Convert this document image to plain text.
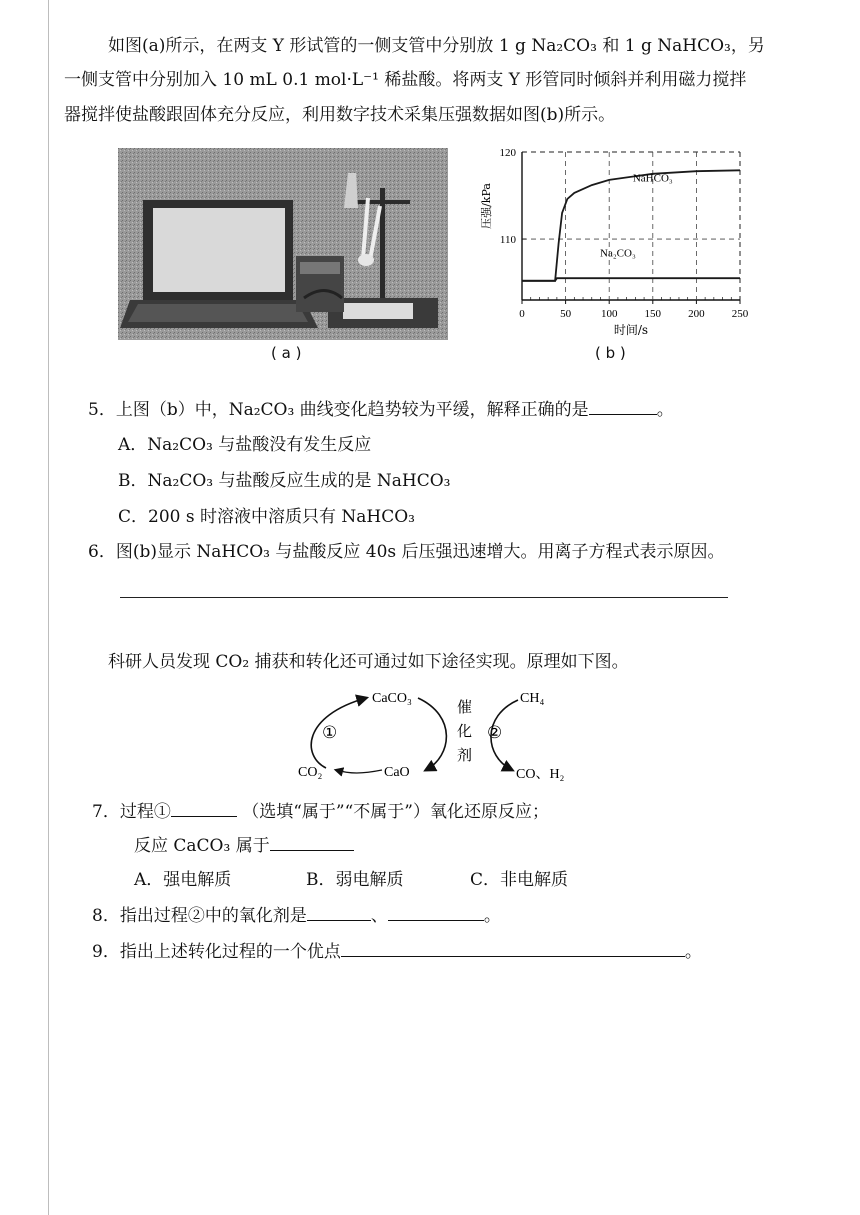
如图(a)所示，在两支 Y 形试管的一侧支管中分别放 1 g Na₂CO₃ 和 1 g NaHCO₃，另
一侧支管中分别加入 10 mL 0.1 mol·L⁻¹ 稀盐酸。将两支 Y 形管同时倾斜并利用磁力搅拌
器搅拌使盐酸跟固体充分反应，利用数字技术采集压强数据如图(b)所示。
( a )
0	50	100 150 200 250
110
120
时间/s
压强/kPa
NaHCO₃
Na₂CO₃
( b )
5．上图（b）中，Na₂CO₃ 曲线变化趋势较为平缓，解释正确的是	。
A．Na₂CO₃ 与盐酸没有发生反应
B．Na₂CO₃ 与盐酸反应生成的是 NaHCO₃
C．200 s 时溶液中溶质只有 NaHCO₃
6．图(b)显示 NaHCO₃ 与盐酸反应 40s 后压强迅速增大。用离子方程式表示原因。
科研人员发现 CO₂ 捕获和转化还可通过如下途径实现。原理如下图。
CaCO₃
CO₂	CaO
①
催
化
剂
②
CH₄
CO、H₂
7．过程①	（选填“属于”“不属于”）氧化还原反应；
反应 CaCO₃ 属于
A．强电解质	B．弱电解质	C．非电解质
8．指出过程②中的氧化剂是	、	。
9．指出上述转化过程的一个优点	。
